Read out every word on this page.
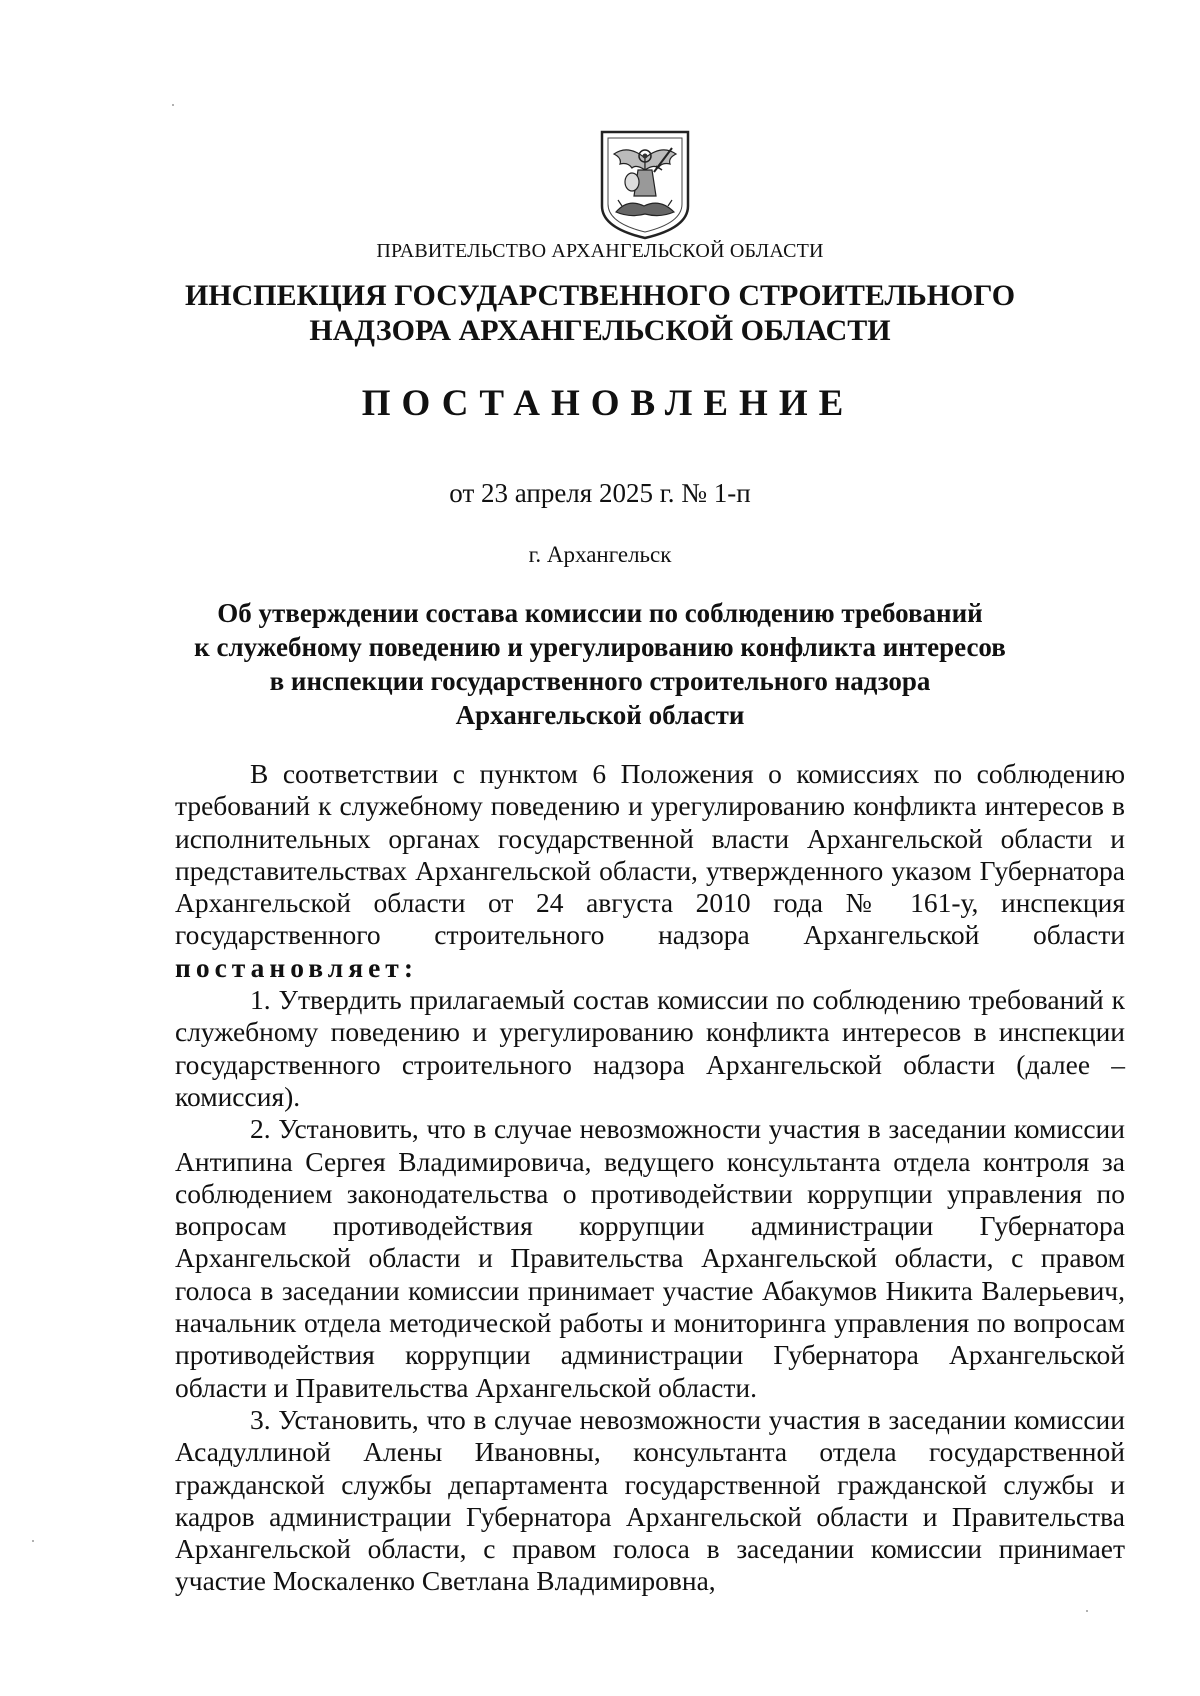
ПРАВИТЕЛЬСТВО АРХАНГЕЛЬСКОЙ ОБЛАСТИ
ИНСПЕКЦИЯ ГОСУДАРСТВЕННОГО СТРОИТЕЛЬНОГО
НАДЗОРА АРХАНГЕЛЬСКОЙ ОБЛАСТИ
ПОСТАНОВЛЕНИЕ
от 23 апреля 2025 г. № 1-п
г. Архангельск
Об утверждении состава комиссии по соблюдению требований
к служебному поведению и урегулированию конфликта интересов
в инспекции государственного строительного надзора
Архангельской области

В соответствии с пунктом 6 Положения о комиссиях по соблюдению требований к служебному поведению и урегулированию конфликта интересов в исполнительных органах государственной власти Архангельской области и представительствах Архангельской области, утвержденного указом Губернатора Архангельской области от 24 августа 2010 года № 161-у, инспекция государственного строительного надзора Архангельской области постановляет:

1. Утвердить прилагаемый состав комиссии по соблюдению требований к служебному поведению и урегулированию конфликта интересов в инспекции государственного строительного надзора Архангельской области (далее – комиссия).

2. Установить, что в случае невозможности участия в заседании комиссии Антипина Сергея Владимировича, ведущего консультанта отдела контроля за соблюдением законодательства о противодействии коррупции управления по вопросам противодействия коррупции администрации Губернатора Архангельской области и Правительства Архангельской области, с правом голоса в заседании комиссии принимает участие Абакумов Никита Валерьевич, начальник отдела методической работы и мониторинга управления по вопросам противодействия коррупции администрации Губернатора Архангельской области и Правительства Архангельской области.

3. Установить, что в случае невозможности участия в заседании комиссии Асадуллиной Алены Ивановны, консультанта отдела государственной гражданской службы департамента государственной гражданской службы и кадров администрации Губернатора Архангельской области и Правительства Архангельской области, с правом голоса в заседании комиссии принимает участие Москаленко Светлана Владимировна,
